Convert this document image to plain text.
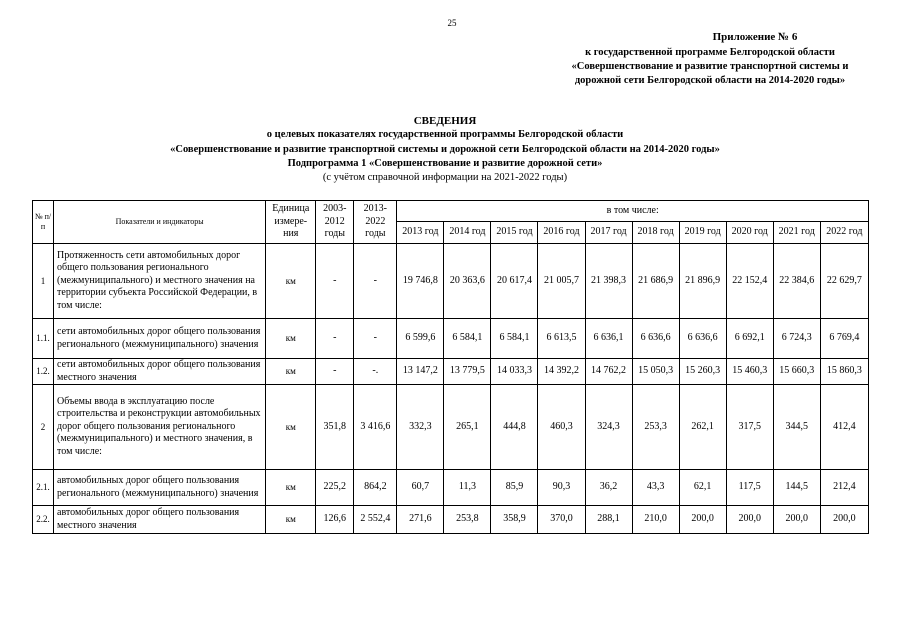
25
Приложение № 6
к государственной программе Белгородской области
«Совершенствование и развитие транспортной системы и
дорожной сети Белгородской области на 2014-2020 годы»
СВЕДЕНИЯ
о целевых показателях государственной программы Белгородской области
«Совершенствование и развитие транспортной системы и дорожной сети Белгородской области на 2014-2020 годы»
Подпрограмма 1 «Совершенствование и развитие дорожной сети»
(с учётом справочной информации на 2021-2022 годы)
№ п/п	Показатели и индикаторы	Единица измере-ния	2003-2012 годы	2013-2022 годы	в том числе:									
					2013 год	2014 год	2015 год	2016 год	2017 год	2018 год	2019 год	2020 год	2021 год	2022 год
1	Протяженность сети автомобильных дорог общего пользования регионального (межмуниципального) и местного значения на территории субъекта Российской Федерации, в том числе:	км	-	-	19 746,8	20 363,6	20 617,4	21 005,7	21 398,3	21 686,9	21 896,9	22 152,4	22 384,6	22 629,7
1.1.	сети автомобильных дорог общего пользования регионального (межмуниципального) значения	км	-	-	6 599,6	6 584,1	6 584,1	6 613,5	6 636,1	6 636,6	6 636,6	6 692,1	6 724,3	6 769,4
1.2.	сети автомобильных дорог общего пользования местного значения	км	-	-.	13 147,2	13 779,5	14 033,3	14 392,2	14 762,2	15 050,3	15 260,3	15 460,3	15 660,3	15 860,3
2	Объемы ввода в эксплуатацию после строительства и реконструкции автомобильных дорог общего пользования регионального (межмуниципального) и местного значения, в том числе:	км	351,8	3 416,6	332,3	265,1	444,8	460,3	324,3	253,3	262,1	317,5	344,5	412,4
2.1.	автомобильных дорог общего пользования регионального (межмуниципального) значения	км	225,2	864,2	60,7	11,3	85,9	90,3	36,2	43,3	62,1	117,5	144,5	212,4
2.2.	автомобильных дорог общего пользования местного значения	км	126,6	2 552,4	271,6	253,8	358,9	370,0	288,1	210,0	200,0	200,0	200,0	200,0
